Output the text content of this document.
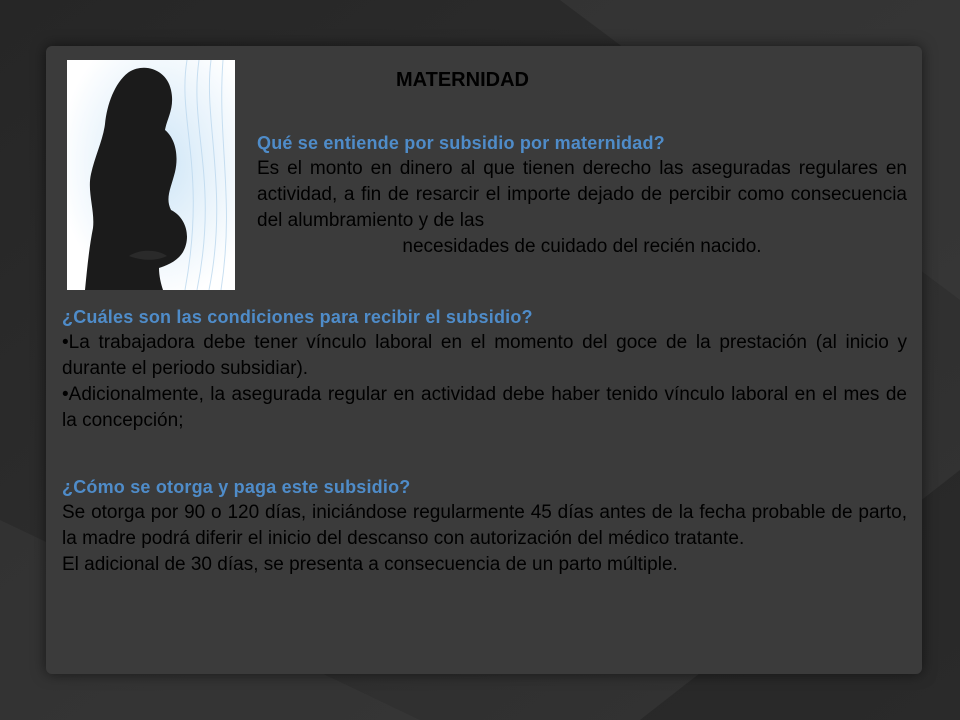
MATERNIDAD
Qué se entiende por subsidio por maternidad?

Es el monto en dinero al que tienen derecho las aseguradas regulares en actividad, a fin de resarcir el importe dejado de percibir como consecuencia del alumbramiento y de las

necesidades de cuidado del recién nacido.

¿Cuáles son las condiciones para recibir el subsidio?

•La trabajadora debe tener vínculo laboral en el momento del goce de la prestación (al inicio y durante el periodo subsidiar).

•Adicionalmente, la asegurada regular en actividad debe haber tenido vínculo laboral en el mes de la concepción;

¿Cómo se otorga y paga este subsidio?

Se otorga por 90 o 120 días, iniciándose regularmente 45 días antes de la fecha probable de parto, la madre podrá diferir el inicio del descanso con autorización del médico tratante.

El adicional de 30 días, se presenta a consecuencia de un parto múltiple.
